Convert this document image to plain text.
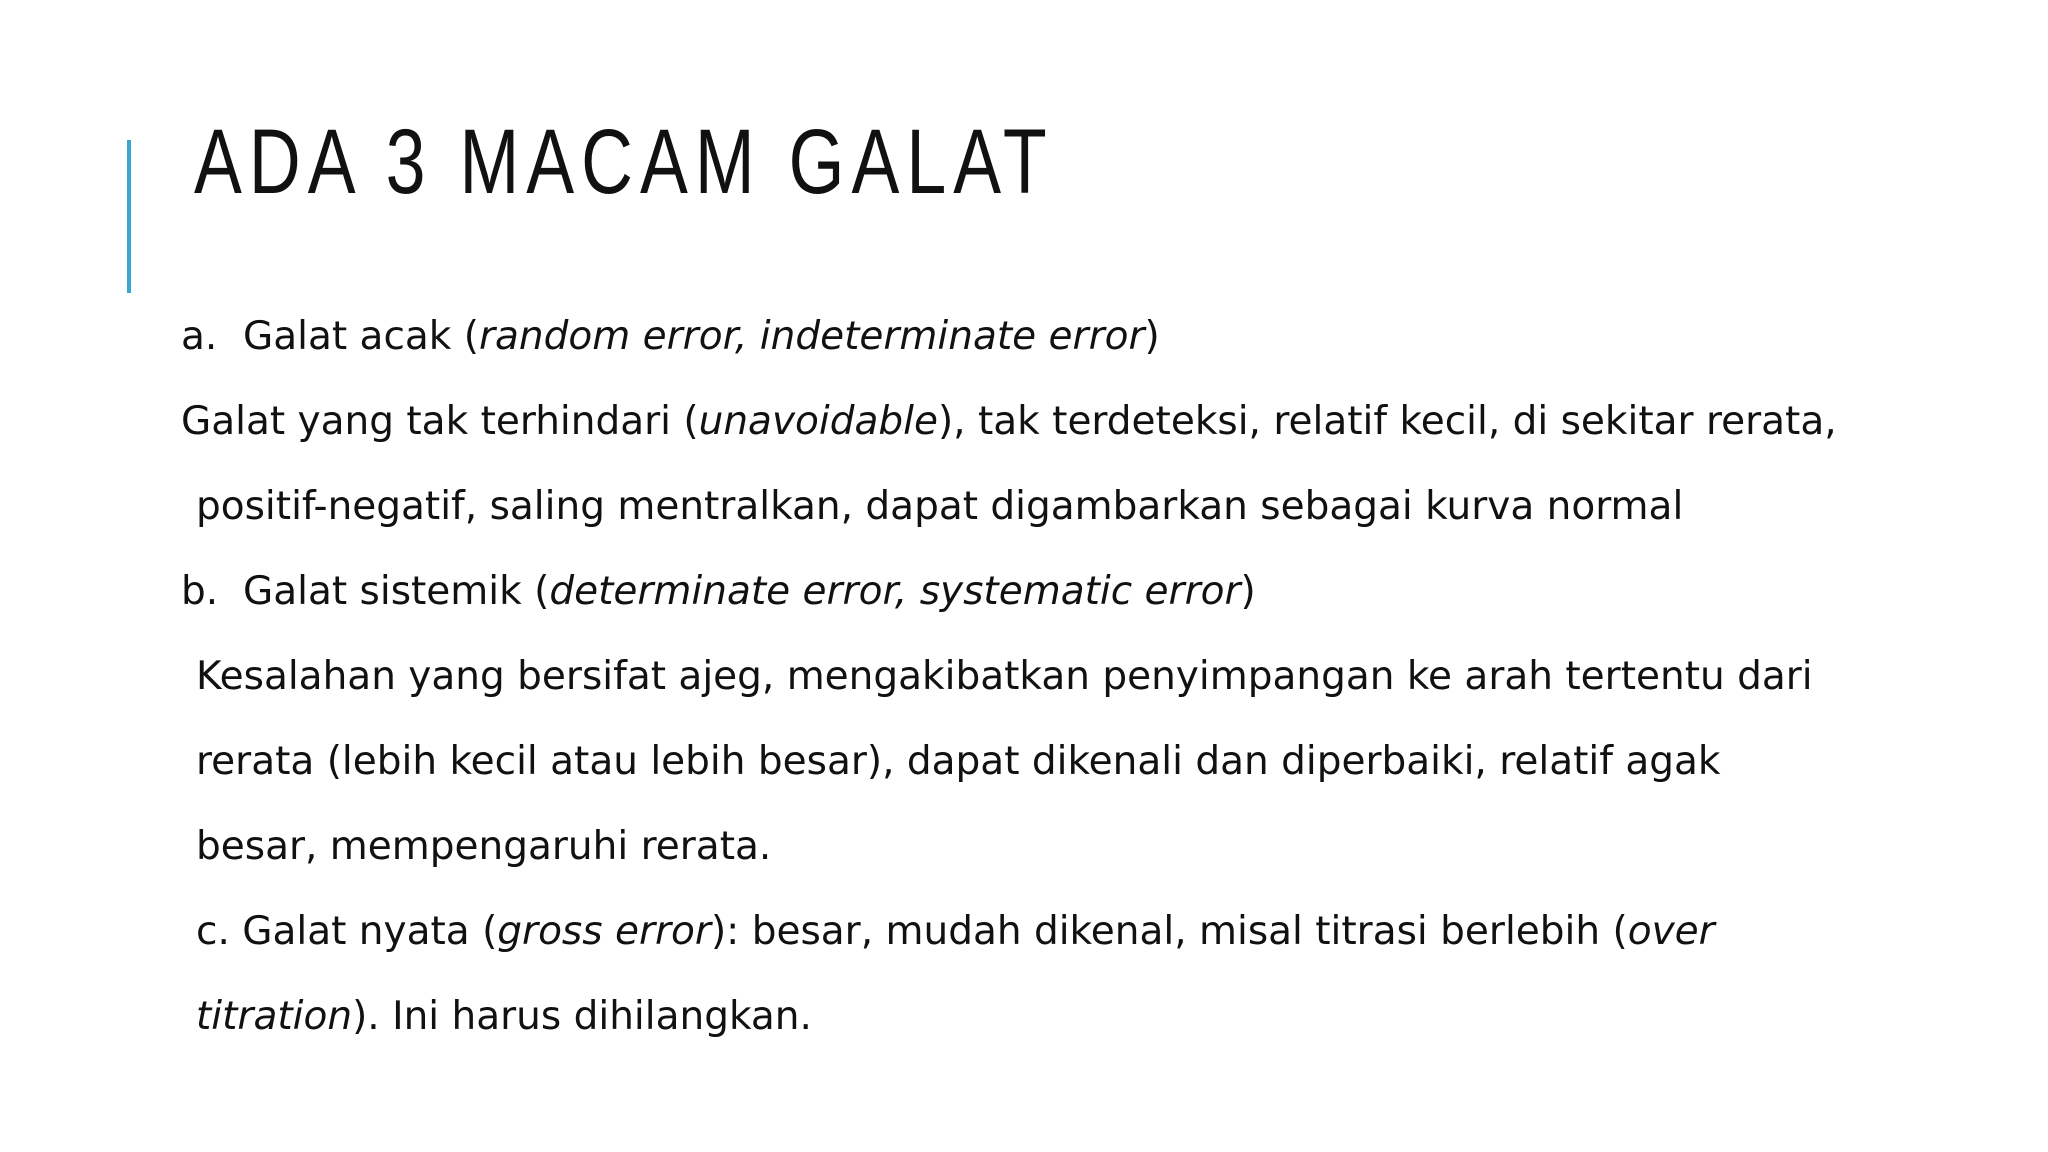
ADA 3 MACAM GALAT
a. Galat acak (random error, indeterminate error)
Galat yang tak terhindari (unavoidable), tak terdeteksi, relatif kecil, di sekitar rerata,
positif-negatif, saling mentralkan, dapat digambarkan sebagai kurva normal
b. Galat sistemik (determinate error, systematic error)
Kesalahan yang bersifat ajeg, mengakibatkan penyimpangan ke arah tertentu dari
rerata (lebih kecil atau lebih besar), dapat dikenali dan diperbaiki, relatif agak
besar, mempengaruhi rerata.
c. Galat nyata (gross error): besar, mudah dikenal, misal titrasi berlebih (over
titration). Ini harus dihilangkan.
